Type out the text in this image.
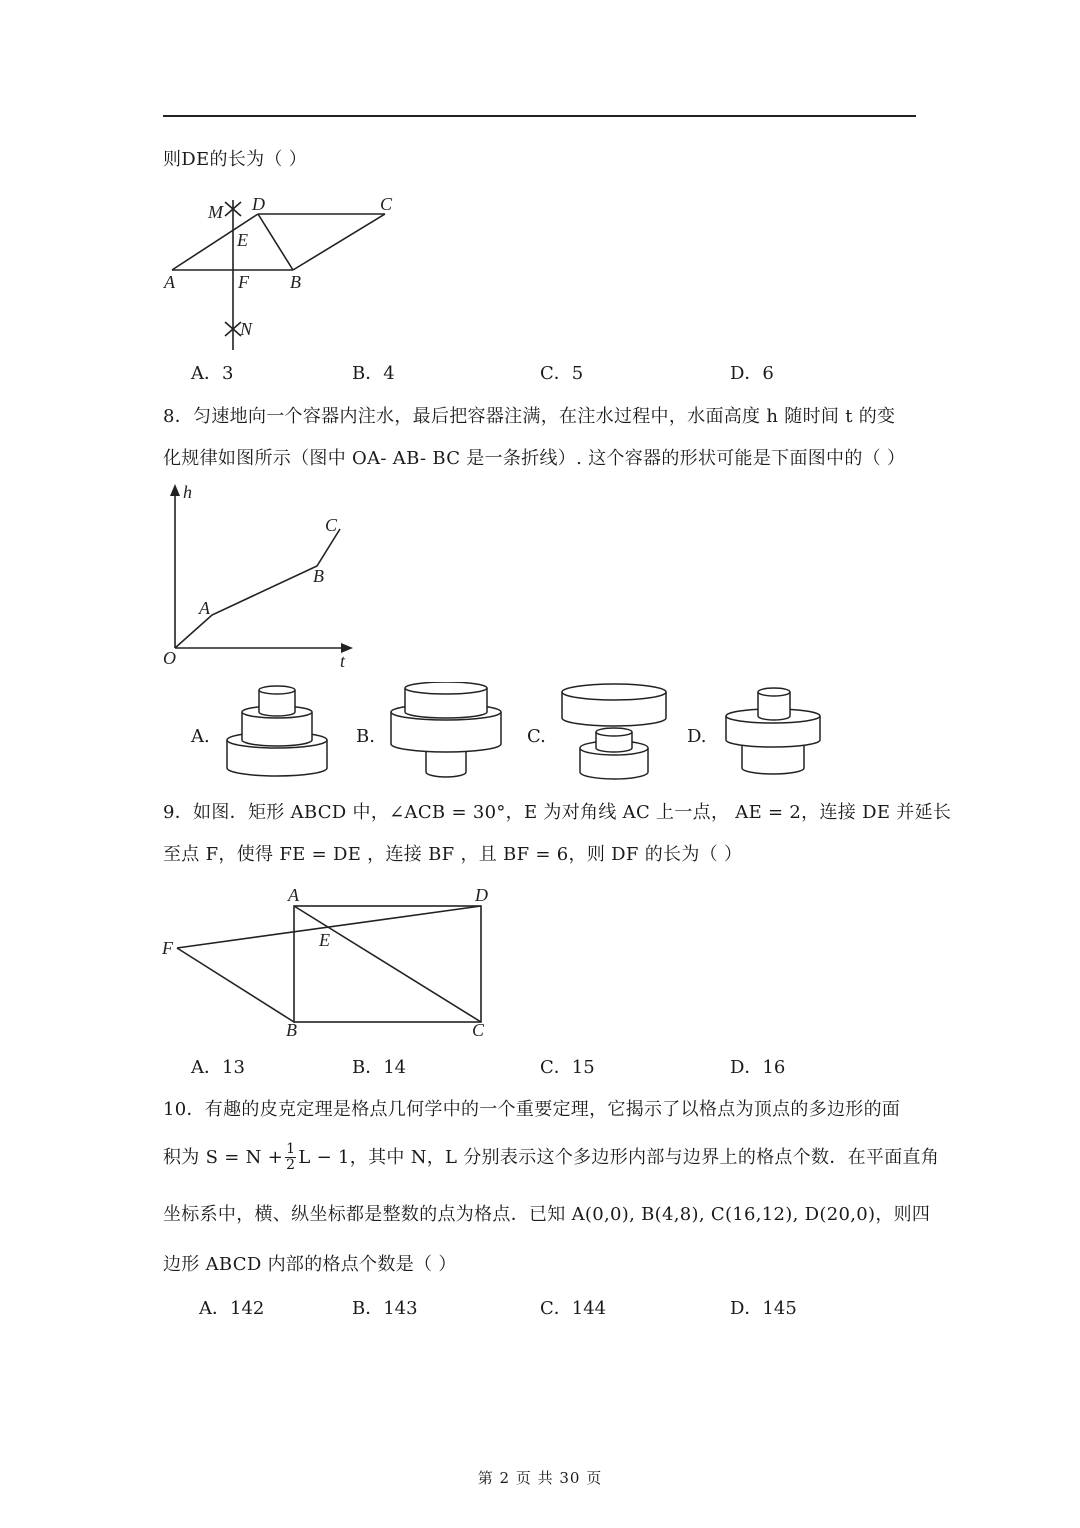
则DE的长为（ ）
M D	C
E
A	F B
N
A．3	B．4	C．5	D．6
8．匀速地向一个容器内注水，最后把容器注满，在注水过程中，水面高度 h 随时间 t 的变
化规律如图所示（图中 OA- AB- BC 是一条折线）. 这个容器的形状可能是下面图中的（ ）
h
t
O
A
B
C
A.	B.	C.	D.
9．如图．矩形 ABCD 中，∠ACB = 30°，E 为对角线 AC 上一点， AE = 2，连接 DE 并延长
至点 F，使得 FE = DE ，连接 BF ，且 BF = 6，则 DF 的长为（ ）
A	D
F	E
B	C
A．13	B．14	C．15	D．16
10．有趣的皮克定理是格点几何学中的一个重要定理，它揭示了以格点为顶点的多边形的面
积为 $S = N + \frac{1}{2}$ L − 1，其中 N，L 分别表示这个多边形内部与边界上的格点个数．在平面直角
坐标系中，横、纵坐标都是整数的点为格点．已知 A(0,0), B(4,8), C(16,12), D(20,0)，则四
边形 ABCD 内部的格点个数是（ ）
A．142	B．143	C．144	D．145
第 2 页 共 30 页
